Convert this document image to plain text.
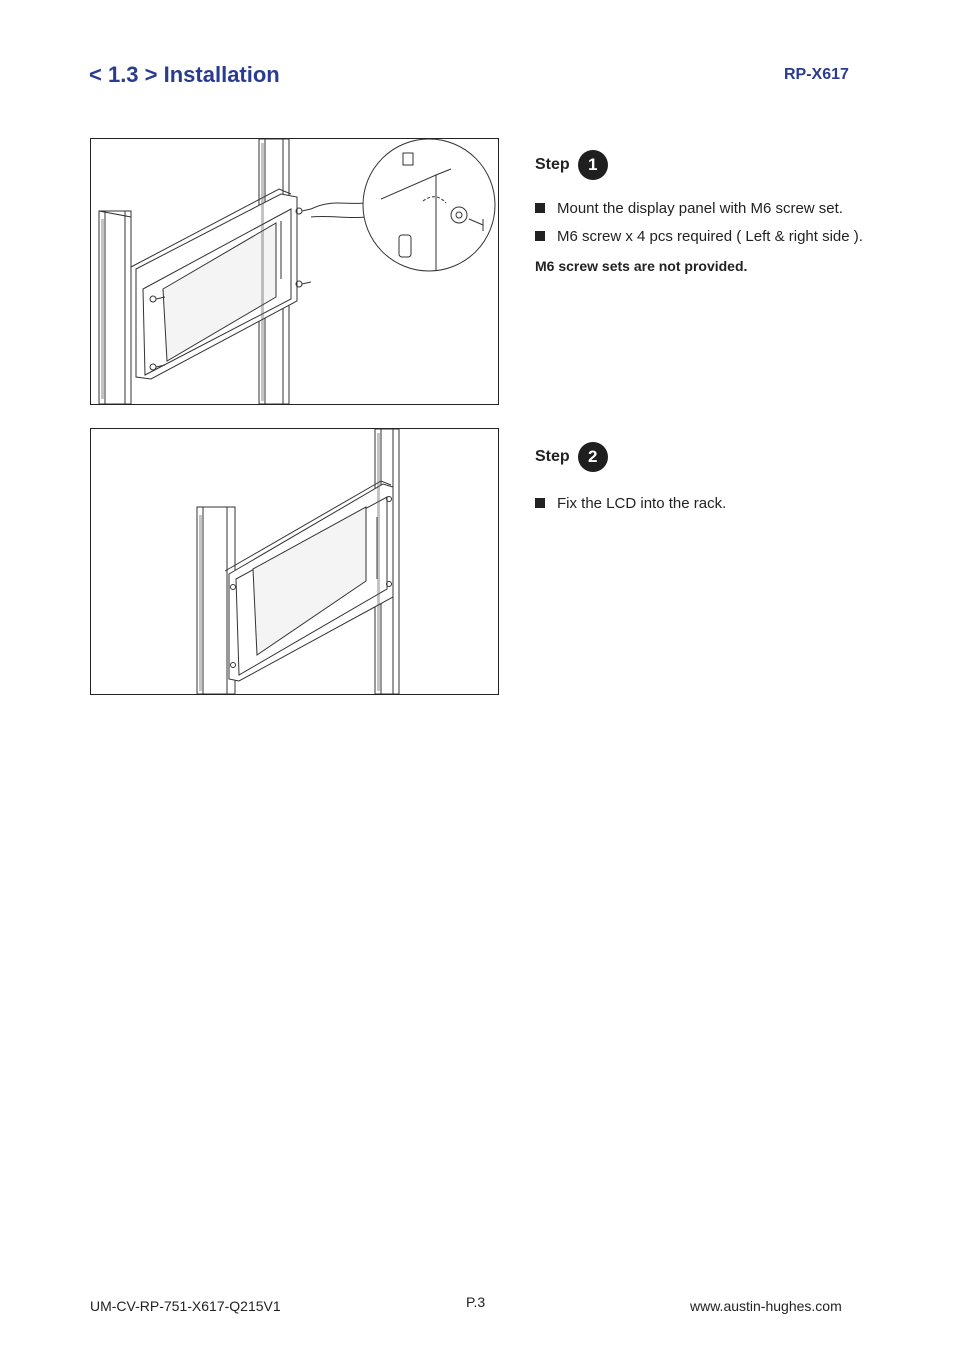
< 1.3 > Installation	RP-X617
Step	1
Mount the display panel with M6 screw set.
M6 screw x 4 pcs required ( Left & right side ).
M6 screw sets are not provided.
Step	2
Fix the LCD into the rack.
UM-CV-RP-751-X617-Q215V1	P.3	www.austin-hughes.com
